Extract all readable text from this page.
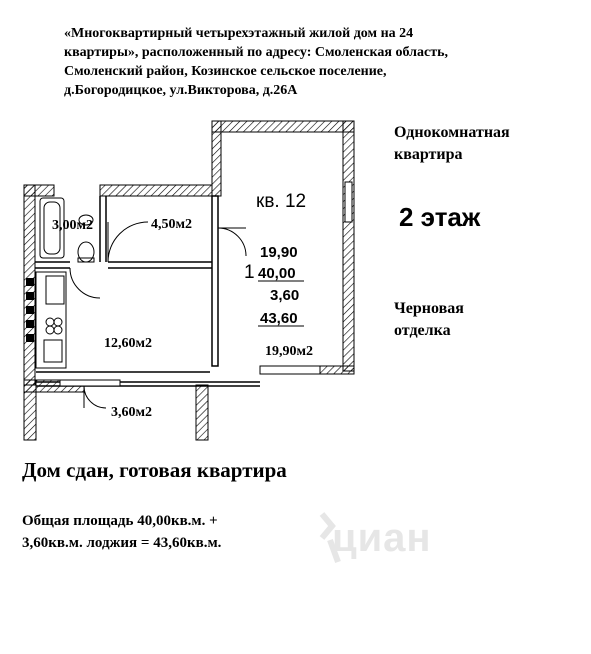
«Многоквартирный четырехэтажный жилой дом на 24
квартиры», расположенный по адресу: Смоленская область,
Смоленский район, Козинское сельское поселение,
д.Богородицкое, ул.Викторова, д.26А
Однокомнатная
квартира
2 этаж
Черновая
отделка
Дом сдан, готовая квартира
Общая площадь 40,00кв.м. +
3,60кв.м. лоджия = 43,60кв.м.	циан
3,00м2	4,50м2
12,60м2
3,60м2
19,90м2
кв. 12
1
19,90
40,00
3,60
43,60
